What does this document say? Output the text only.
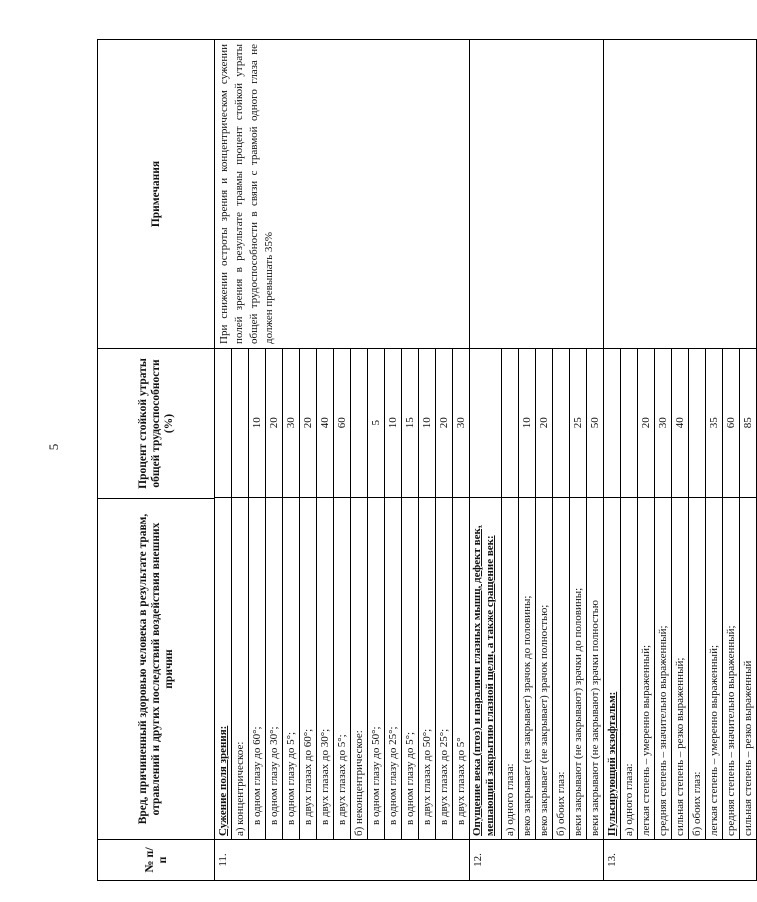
5
№ п/п	Вред, причиненный здоровью человека в результате травм, отравлений и других последствий воздействия внешних причин	Процент стойкой утраты общей трудоспособности (%)	Примечания

11.

Сужение поля зрения:	а) концентрическое:	в одном глазу до 60°;	10
в одном глазу до 30°;	20
в одном глазу до 5°;	30
в двух глазах до 60°;	20
в двух глазах до 30°;	40
в двух глазах до 5°;	60
б) неконцентрическое:	в одном глазу до 50°;	5
в одном глазу до 25°;	10
в одном глазу до 5°;	15
в двух глазах до 50°;	10
в двух глазах до 25°;	20
в двух глазах до 5°	30
	При снижении остроты зрения и концентрическом сужении полей зрения в результате травмы процент стойкой утраты общей трудоспособности в связи с травмой одного глаза не должен превышать 35%

12.

Опущение века (птоз) и параличи глазных мышц, дефект век, мешающий закрытию глазной щели, а также сращение век:	а) одного глаза:	веко закрывает (не закрывает) зрачок до половины;	10
веко закрывает (не закрывает) зрачок полностью;	20
б) обоих глаз:	веки закрывают (не закрывают) зрачки до половины;	25
веки закрывают (не закрывают) зрачки полностью	50

13.

Пульсирующий экзофтальм:	а) одного глаза:	легкая степень – умеренно выраженный;	20
средняя степень – значительно выраженный;	30
сильная степень – резко выраженный;	40
б) обоих глаз:	легкая степень – умеренно выраженный;	35
средняя степень – значительно выраженный;	60
сильная степень – резко выраженный	85
